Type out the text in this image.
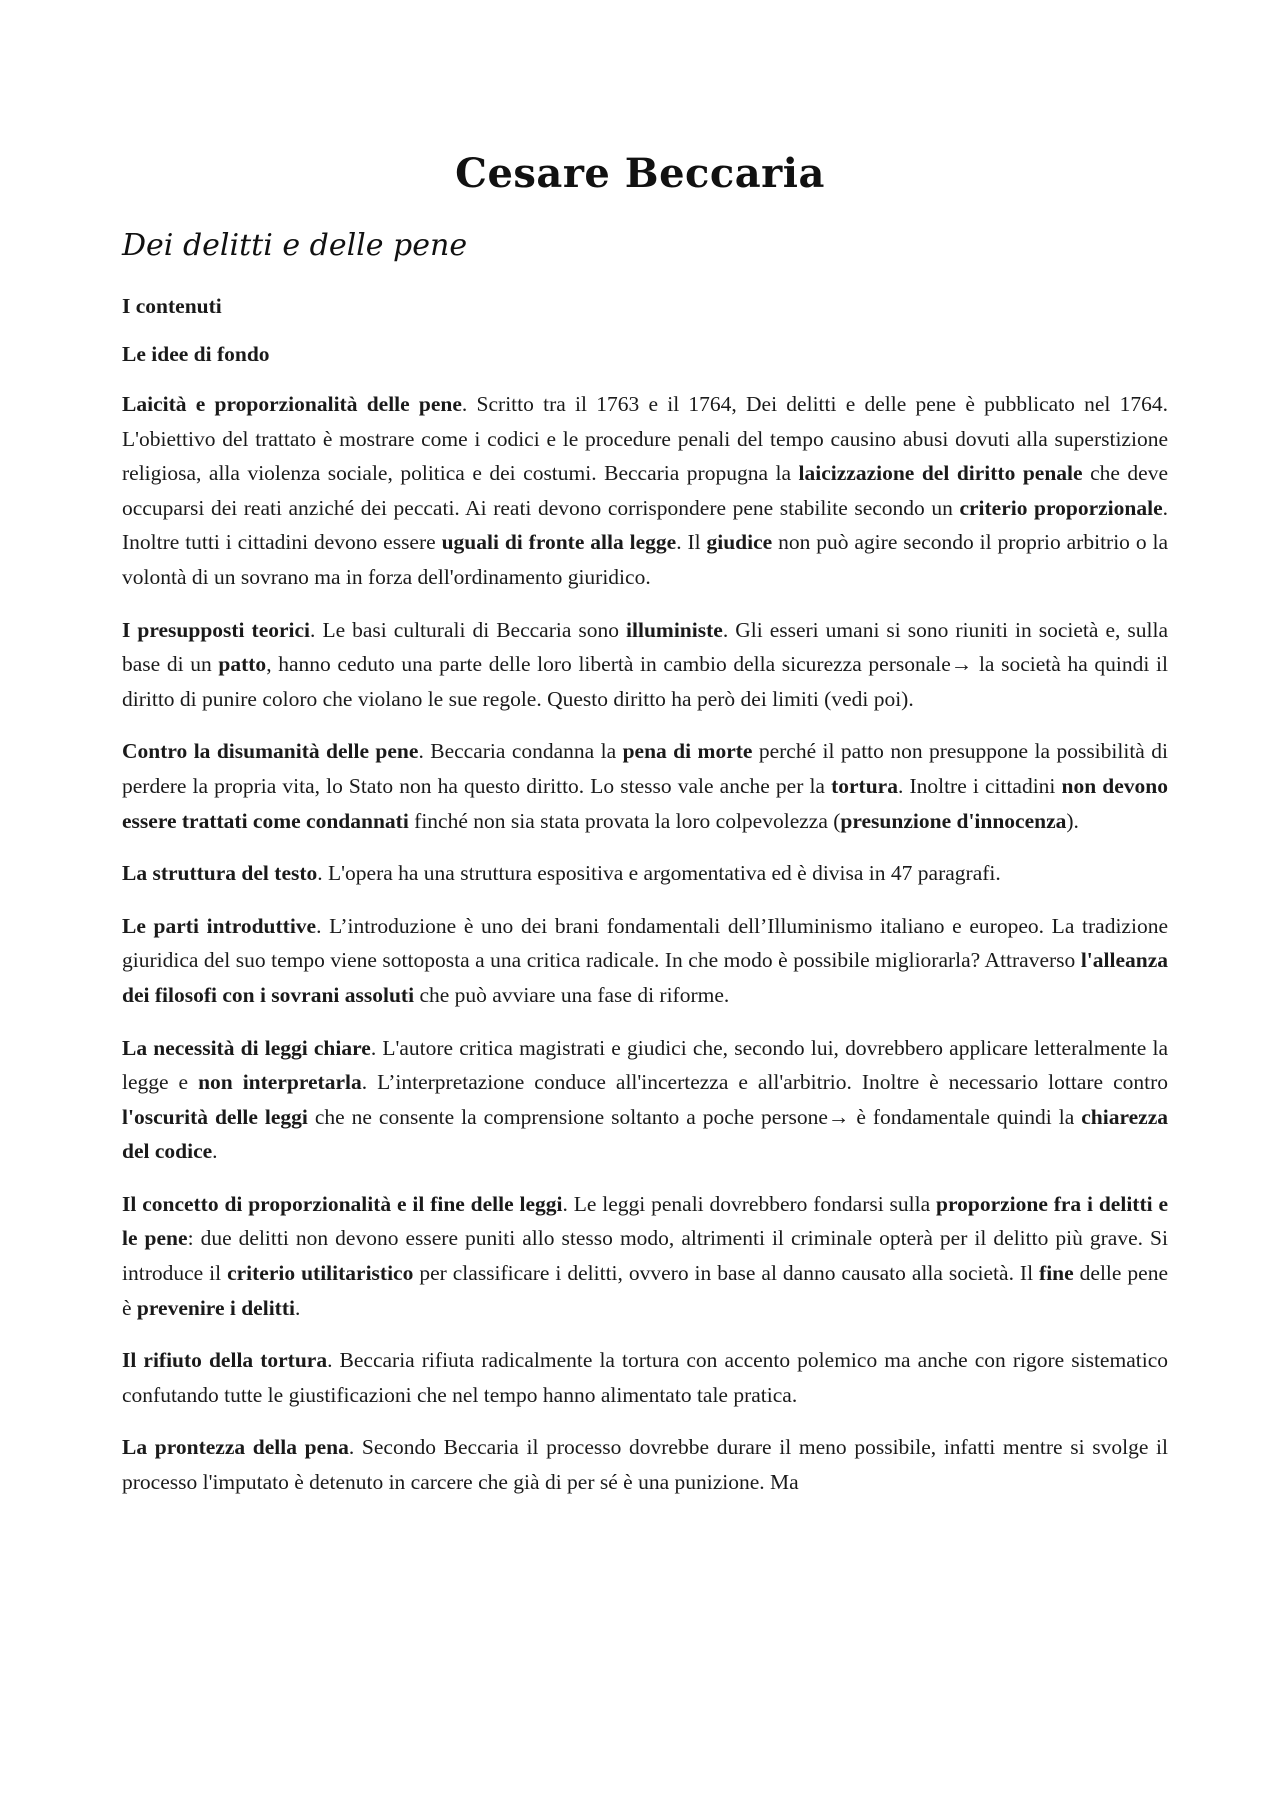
Cesare Beccaria
Dei delitti e delle pene
I contenuti
Le idee di fondo

Laicità e proporzionalità delle pene. Scritto tra il 1763 e il 1764, Dei delitti e delle pene è pubblicato nel 1764. L'obiettivo del trattato è mostrare come i codici e le procedure penali del tempo causino abusi dovuti alla superstizione religiosa, alla violenza sociale, politica e dei costumi. Beccaria propugna la laicizzazione del diritto penale che deve occuparsi dei reati anziché dei peccati. Ai reati devono corrispondere pene stabilite secondo un criterio proporzionale. Inoltre tutti i cittadini devono essere uguali di fronte alla legge. Il giudice non può agire secondo il proprio arbitrio o la volontà di un sovrano ma in forza dell'ordinamento giuridico.

I presupposti teorici. Le basi culturali di Beccaria sono illuministe. Gli esseri umani si sono riuniti in società e, sulla base di un patto, hanno ceduto una parte delle loro libertà in cambio della sicurezza personale→ la società ha quindi il diritto di punire coloro che violano le sue regole. Questo diritto ha però dei limiti (vedi poi).

Contro la disumanità delle pene. Beccaria condanna la pena di morte perché il patto non presuppone la possibilità di perdere la propria vita, lo Stato non ha questo diritto. Lo stesso vale anche per la tortura. Inoltre i cittadini non devono essere trattati come condannati finché non sia stata provata la loro colpevolezza (presunzione d'innocenza).

La struttura del testo. L'opera ha una struttura espositiva e argomentativa ed è divisa in 47 paragrafi.

Le parti introduttive. L’introduzione è uno dei brani fondamentali dell’Illuminismo italiano e europeo. La tradizione giuridica del suo tempo viene sottoposta a una critica radicale. In che modo è possibile migliorarla? Attraverso l'alleanza dei filosofi con i sovrani assoluti che può avviare una fase di riforme.

La necessità di leggi chiare. L'autore critica magistrati e giudici che, secondo lui, dovrebbero applicare letteralmente la legge e non interpretarla. L’interpretazione conduce all'incertezza e all'arbitrio. Inoltre è necessario lottare contro l'oscurità delle leggi che ne consente la comprensione soltanto a poche persone→ è fondamentale quindi la chiarezza del codice.

Il concetto di proporzionalità e il fine delle leggi. Le leggi penali dovrebbero fondarsi sulla proporzione fra i delitti e le pene: due delitti non devono essere puniti allo stesso modo, altrimenti il criminale opterà per il delitto più grave. Si introduce il criterio utilitaristico per classificare i delitti, ovvero in base al danno causato alla società. Il fine delle pene è prevenire i delitti.

Il rifiuto della tortura. Beccaria rifiuta radicalmente la tortura con accento polemico ma anche con rigore sistematico confutando tutte le giustificazioni che nel tempo hanno alimentato tale pratica.

La prontezza della pena. Secondo Beccaria il processo dovrebbe durare il meno possibile, infatti mentre si svolge il processo l'imputato è detenuto in carcere che già di per sé è una punizione. Ma
